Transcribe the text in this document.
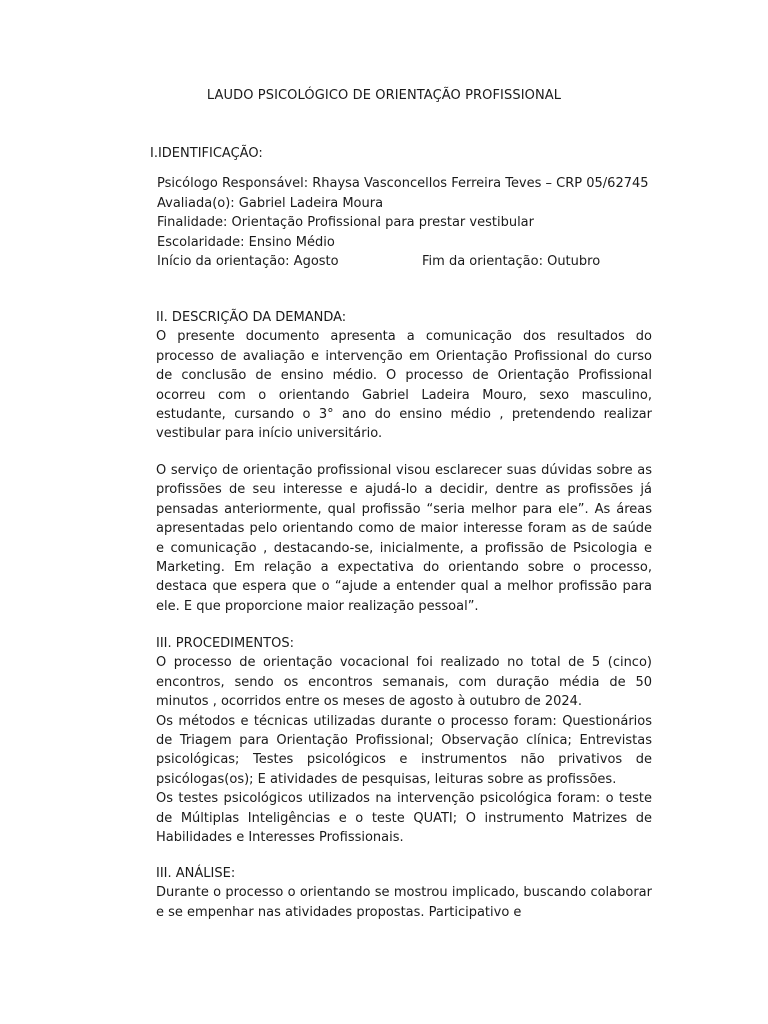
LAUDO PSICOLÓGICO DE ORIENTAÇÃO PROFISSIONAL
I.IDENTIFICAÇÃO:
Psicólogo Responsável: Rhaysa Vasconcellos Ferreira Teves – CRP 05/62745
Avaliada(o): Gabriel Ladeira Moura
Finalidade: Orientação Profissional para prestar vestibular
Escolaridade: Ensino Médio
Início da orientação: Agosto	Fim da orientação: Outubro
II. DESCRIÇÃO DA DEMANDA:

O presente documento apresenta a comunicação dos resultados do processo de avaliação e intervenção em Orientação Profissional do curso de conclusão de ensino médio. O processo de Orientação Profissional ocorreu com o orientando Gabriel Ladeira Mouro, sexo masculino, estudante, cursando o 3° ano do ensino médio , pretendendo realizar vestibular para início universitário.

O serviço de orientação profissional visou esclarecer suas dúvidas sobre as profissões de seu interesse e ajudá-lo a decidir, dentre as profissões já pensadas anteriormente, qual profissão “seria melhor para ele”. As áreas apresentadas pelo orientando como de maior interesse foram as de saúde e comunicação , destacando-se, inicialmente, a profissão de Psicologia e Marketing. Em relação a expectativa do orientando sobre o processo, destaca que espera que o “ajude a entender qual a melhor profissão para ele. E que proporcione maior realização pessoal”.

III. PROCEDIMENTOS:

O processo de orientação vocacional foi realizado no total de 5 (cinco) encontros, sendo os encontros semanais, com duração média de 50 minutos , ocorridos entre os meses de agosto à outubro de 2024.

Os métodos e técnicas utilizadas durante o processo foram: Questionários de Triagem para Orientação Profissional; Observação clínica; Entrevistas psicológicas; Testes psicológicos e instrumentos não privativos de psicólogas(os); E atividades de pesquisas, leituras sobre as profissões.

Os testes psicológicos utilizados na intervenção psicológica foram: o teste de Múltiplas Inteligências e o teste QUATI; O instrumento Matrizes de Habilidades e Interesses Profissionais.

III. ANÁLISE:

Durante o processo o orientando se mostrou implicado, buscando colaborar e se empenhar nas atividades propostas. Participativo e
